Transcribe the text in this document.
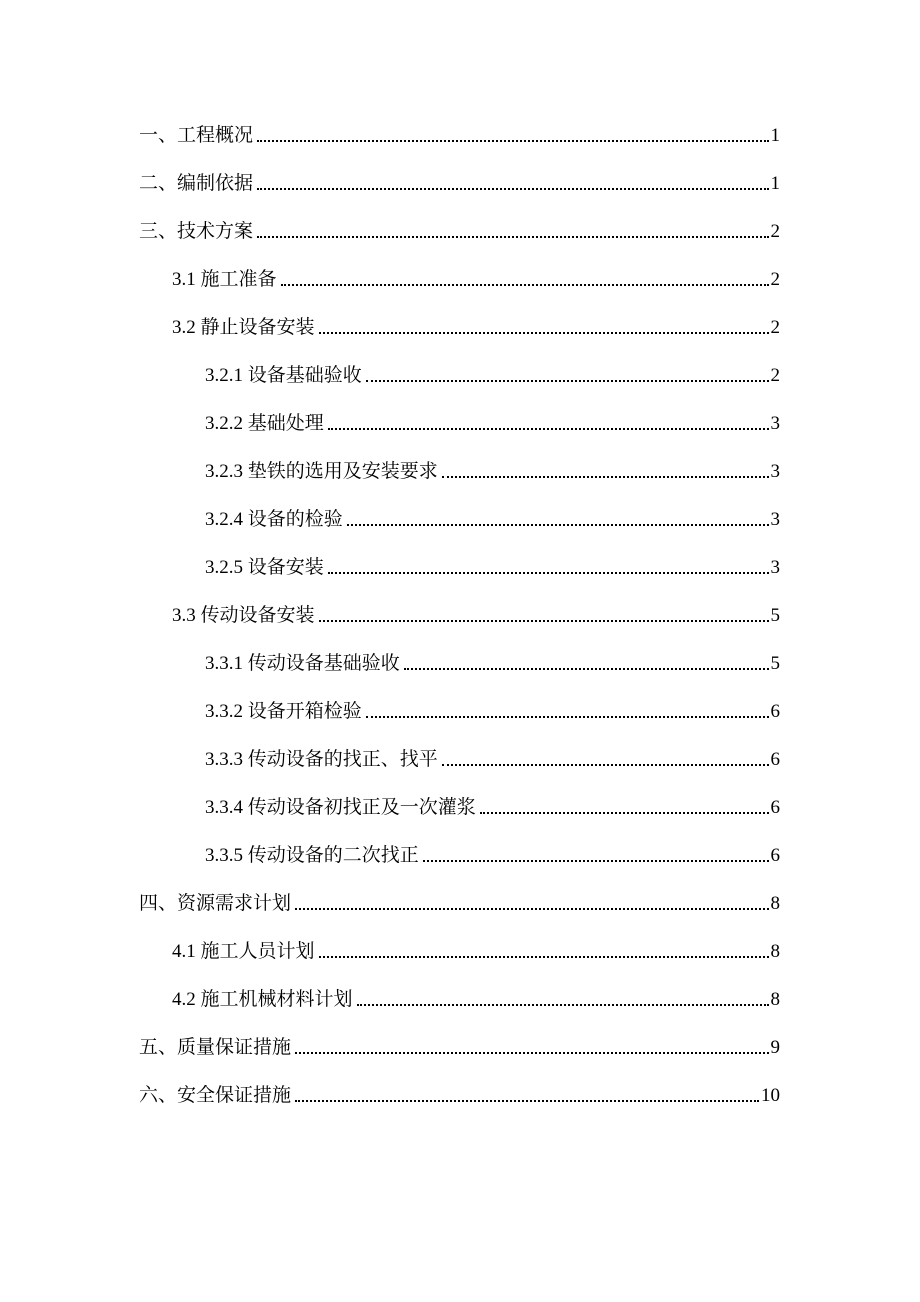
一、工程概况	1
二、编制依据	1
三、技术方案	2
3.1 施工准备	2
3.2 静止设备安装	2
3.2.1 设备基础验收	2
3.2.2 基础处理	3
3.2.3 垫铁的选用及安装要求	3
3.2.4 设备的检验	3
3.2.5 设备安装	3
3.3 传动设备安装	5
3.3.1 传动设备基础验收	5
3.3.2 设备开箱检验	6
3.3.3 传动设备的找正、找平	6
3.3.4 传动设备初找正及一次灌浆	6
3.3.5 传动设备的二次找正	6
四、资源需求计划	8
4.1 施工人员计划	8
4.2 施工机械材料计划	8
五、质量保证措施	9
六、安全保证措施	10
